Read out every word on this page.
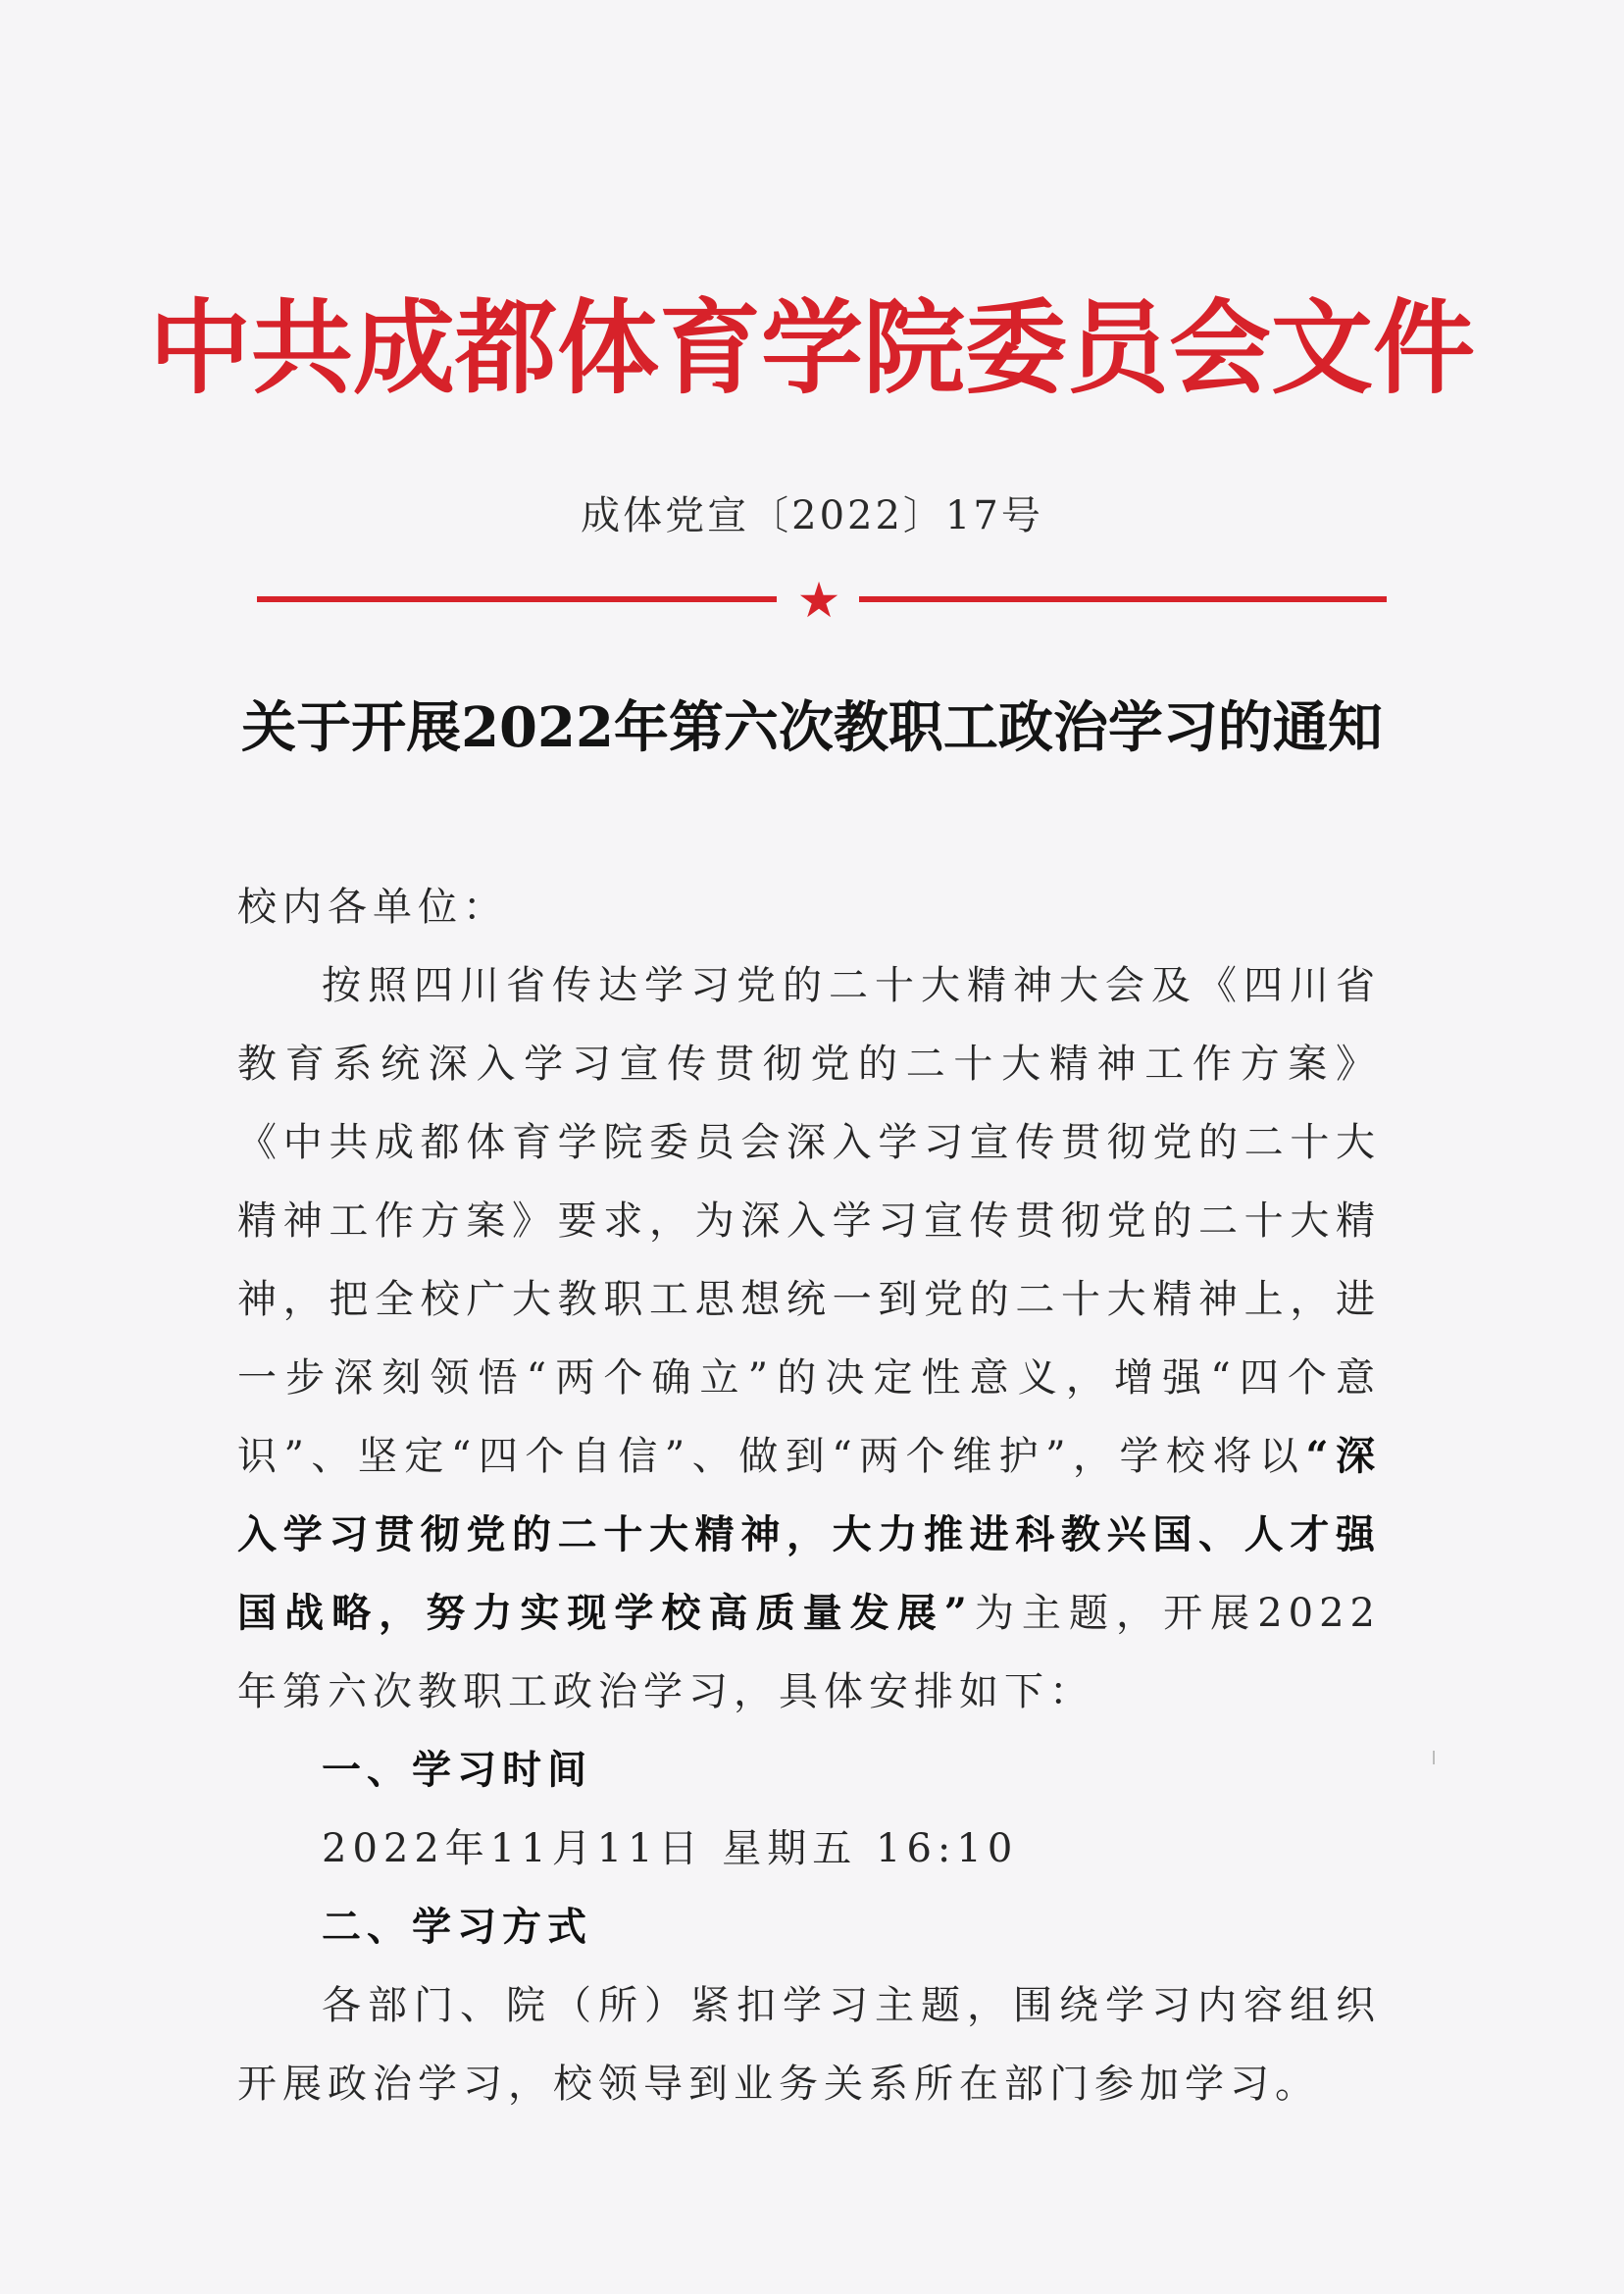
中共成都体育学院委员会文件
成体党宣〔2022〕17号
★
关于开展2022年第六次教职工政治学习的通知

校内各单位：

按照四川省传达学习党的二十大精神大会及《四川省教育系统深入学习宣传贯彻党的二十大精神工作方案》《中共成都体育学院委员会深入学习宣传贯彻党的二十大精神工作方案》要求，为深入学习宣传贯彻党的二十大精神，把全校广大教职工思想统一到党的二十大精神上，进一步深刻领悟“两个确立”的决定性意义，增强“四个意识”、坚定“四个自信”、做到“两个维护”，学校将以“深入学习贯彻党的二十大精神，大力推进科教兴国、人才强国战略，努力实现学校高质量发展”为主题，开展2022年第六次教职工政治学习，具体安排如下：

一、学习时间

2022年11月11日 星期五 16:10

二、学习方式

各部门、院（所）紧扣学习主题，围绕学习内容组织开展政治学习，校领导到业务关系所在部门参加学习。
